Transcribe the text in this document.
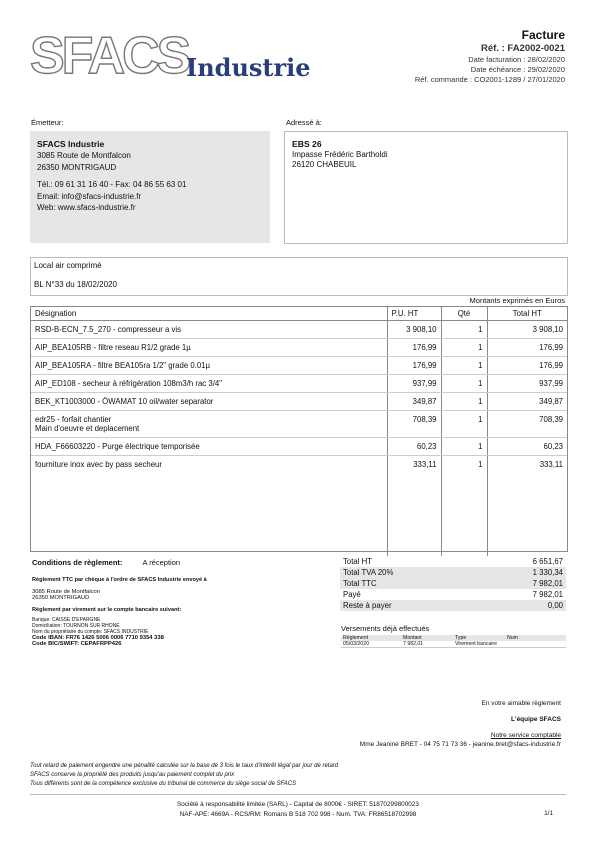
SFACS
Industrie
Facture
Réf. : FA2002-0021
Date facturation : 28/02/2020
Date échéance : 29/02/2020
Réf. commande : CO2001-1289 / 27/01/2020
Émetteur:
SFACS Industrie
3085 Route de Montfalcon
26350 MONTRIGAUD
Tél.: 09 61 31 16 40 - Fax: 04 86 55 63 01
Email: info@sfacs-industrie.fr
Web: www.sfacs-industrie.fr
Adressé à:
EBS 26
Impasse Frédéric Bartholdi
26120 CHABEUIL
Local air comprimé
BL N°33 du 18/02/2020
Montants exprimés en Euros
Désignation	P.U. HT	Qté	Total HT
RSD-B-ECN_7.5_270 - compresseur a vis	3 908,10	1	3 908,10
AIP_BEA105RB - filtre reseau R1/2 grade 1µ	176,99	1	176,99
AIP_BEA105RA - filtre BEA105ra 1/2" grade 0.01µ	176,99	1	176,99
AIP_ED108 - secheur à réfrigération 108m3/h rac 3/4"	937,99	1	937,99
BEK_KT1003000 - ÖWAMAT 10 oil/water separator	349,87	1	349,87

edr25 - forfait chantier
Main d'oeuvre et deplacement	708,39	1	708,39
HDA_F66603220 - Purge électrique temporisée	60,23	1	60,23
fourniture inox avec by pass secheur	333,11	1	333,11
Conditions de règlement:	A réception
Règlement TTC par chèque à l'ordre de SFACS Industrie envoyé à
3085 Route de Montfalcon
26350 MONTRIGAUD
Règlement par virement sur le compte bancaire suivant:
Banque: CAISSE D'EPARGNE
Domiciliation: TOURNON SUR RHONE
Nom du propriétaire du compte: SFACS INDUSTRIE
Code IBAN: FR76 1426 5006 0006 7710 9354 338
Code BIC/SWIFT: CEPAFRPP426
Total HT	6 651,67
Total TVA 20%	1 330,34
Total TTC	7 982,01
Payé	7 982,01
Reste à payer	0,00
Versements déjà effectués
Règlement	Montant	Type	Num
05/03/2020	7 982,01	Virement bancaire	
En votre aimable règlement
L'équipe SFACS
Notre service comptable
Mme Jeanine BRET - 04 75 71 73 36 - jeanine.bret@sfacs-industrie.fr
Tout retard de paiement engendre une pénalité calculée sur la base de 3 fois le taux d'intérêt légal par jour de retard
SFACS conserve la propriété des produits jusqu'au paiement complet du prix
Tous différents sont de la compétence exclusive du tribunal de commerce du siège social de SFACS
Société à responsabilité limitée (SARL) - Capital de 8000€ - SIRET: 51870299800023
NAF-APE: 4669A - RCS/RM: Romans B 518 702 998 - Num. TVA: FR86518702998	1/1
